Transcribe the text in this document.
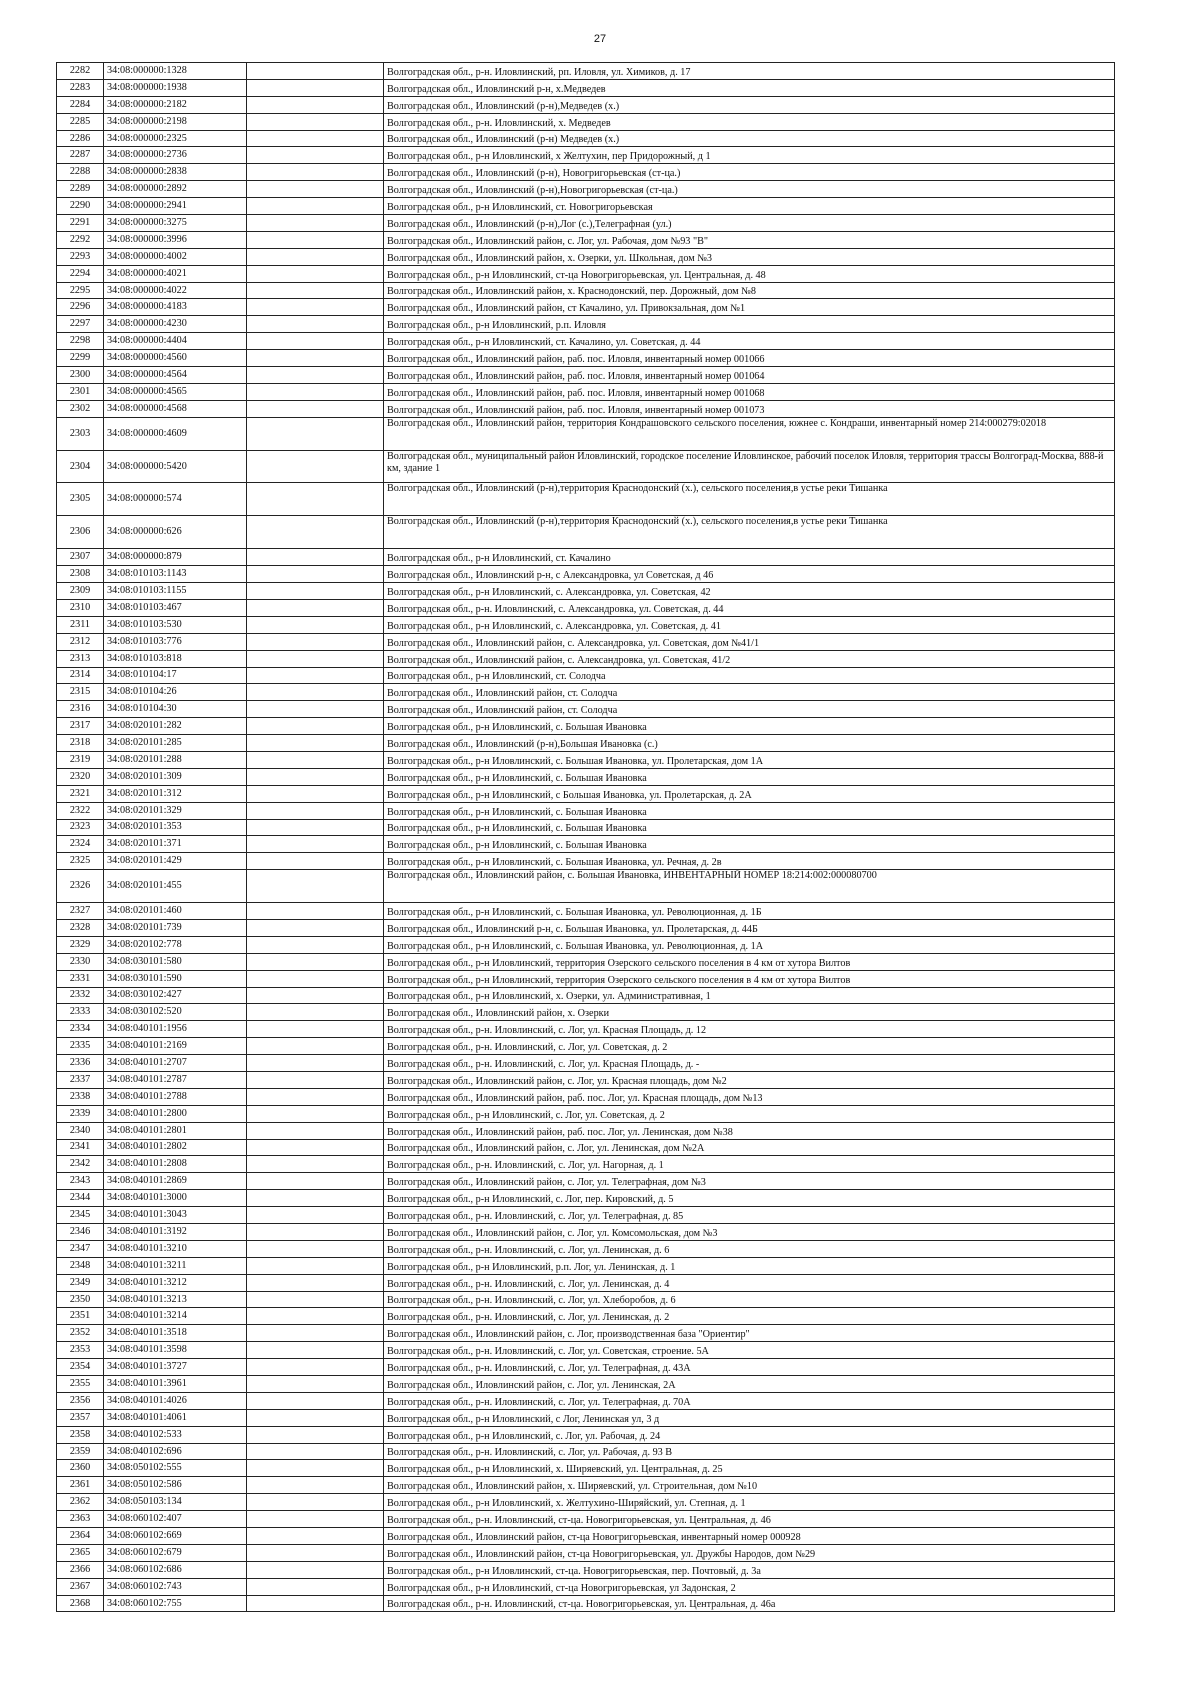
27
2282	34:08:000000:1328		Волгоградская обл., р-н. Иловлинский, рп. Иловля, ул. Химиков, д. 17
2283	34:08:000000:1938		Волгоградская обл., Иловлинский р-н, х.Медведев
2284	34:08:000000:2182		Волгоградская обл., Иловлинский (р-н),Медведев (х.)
2285	34:08:000000:2198		Волгоградская обл., р-н. Иловлинский, х. Медведев
2286	34:08:000000:2325		Волгоградская обл., Иловлинский (р-н) Медведев (х.)
2287	34:08:000000:2736		Волгоградская обл., р-н Иловлинский, х Желтухин, пер Придорожный, д 1
2288	34:08:000000:2838		Волгоградская обл., Иловлинский (р-н), Новогригорьевская (ст-ца.)
2289	34:08:000000:2892		Волгоградская обл., Иловлинский (р-н),Новогригорьевская (ст-ца.)
2290	34:08:000000:2941		Волгоградская обл., р-н Иловлинский, ст. Новогригорьевская
2291	34:08:000000:3275		Волгоградская обл., Иловлинский (р-н),Лог (с.),Телеграфная (ул.)
2292	34:08:000000:3996		Волгоградская обл., Иловлинский район, с. Лог, ул. Рабочая, дом №93 "В"
2293	34:08:000000:4002		Волгоградская обл., Иловлинский район, х. Озерки, ул. Школьная, дом №3
2294	34:08:000000:4021		Волгоградская обл., р-н Иловлинский, ст-ца Новогригорьевская, ул. Центральная, д. 48
2295	34:08:000000:4022		Волгоградская обл., Иловлинский район, х. Краснодонский, пер. Дорожный, дом №8
2296	34:08:000000:4183		Волгоградская обл., Иловлинский район, ст Качалино, ул. Привокзальная, дом №1
2297	34:08:000000:4230		Волгоградская обл., р-н Иловлинский, р.п. Иловля
2298	34:08:000000:4404		Волгоградская обл., р-н Иловлинский, ст. Качалино, ул. Советская, д. 44
2299	34:08:000000:4560		Волгоградская обл., Иловлинский район, раб. пос. Иловля, инвентарный номер 001066
2300	34:08:000000:4564		Волгоградская обл., Иловлинский район, раб. пос. Иловля, инвентарный номер 001064
2301	34:08:000000:4565		Волгоградская обл., Иловлинский район, раб. пос. Иловля, инвентарный номер 001068
2302	34:08:000000:4568		Волгоградская обл., Иловлинский район, раб. пос. Иловля, инвентарный номер 001073
2303	34:08:000000:4609		Волгоградская обл., Иловлинский район, территория Кондрашовского сельского поселения, южнее с. Кондраши, инвентарный номер 214:000279:02018
2304	34:08:000000:5420		Волгоградская обл., муниципальный район Иловлинский, городское поселение Иловлинское, рабочий поселок Иловля, территория трассы Волгоград-Москва, 888-й км, здание 1
2305	34:08:000000:574		Волгоградская обл., Иловлинский (р-н),территория Краснодонский (х.), сельского поселения,в устье реки Тишанка
2306	34:08:000000:626		Волгоградская обл., Иловлинский (р-н),территория Краснодонский (х.), сельского поселения,в устье реки Тишанка
2307	34:08:000000:879		Волгоградская обл., р-н Иловлинский, ст. Качалино
2308	34:08:010103:1143		Волгоградская обл., Иловлинский р-н, с Александровка, ул Советская, д 46
2309	34:08:010103:1155		Волгоградская обл., р-н Иловлинский, с. Александровка, ул. Советская, 42
2310	34:08:010103:467		Волгоградская обл., р-н. Иловлинский, с. Александровка, ул. Советская, д. 44
2311	34:08:010103:530		Волгоградская обл., р-н Иловлинский, с. Александровка, ул. Советская, д. 41
2312	34:08:010103:776		Волгоградская обл., Иловлинский район, с. Александровка, ул. Советская, дом №41/1
2313	34:08:010103:818		Волгоградская обл., Иловлинский район, с. Александровка, ул. Советская, 41/2
2314	34:08:010104:17		Волгоградская обл., р-н Иловлинский, ст. Солодча
2315	34:08:010104:26		Волгоградская обл., Иловлинский район, ст. Солодча
2316	34:08:010104:30		Волгоградская обл., Иловлинский район, ст. Солодча
2317	34:08:020101:282		Волгоградская обл., р-н Иловлинский, с. Большая Ивановка
2318	34:08:020101:285		Волгоградская обл., Иловлинский (р-н),Большая Ивановка (с.)
2319	34:08:020101:288		Волгоградская обл., р-н Иловлинский, с. Большая Ивановка, ул. Пролетарская, дом 1А
2320	34:08:020101:309		Волгоградская обл., р-н Иловлинский, с. Большая Ивановка
2321	34:08:020101:312		Волгоградская обл., р-н Иловлинский, с Большая Ивановка, ул. Пролетарская, д. 2А
2322	34:08:020101:329		Волгоградская обл., р-н Иловлинский, с. Большая Ивановка
2323	34:08:020101:353		Волгоградская обл., р-н Иловлинский, с. Большая Ивановка
2324	34:08:020101:371		Волгоградская обл., р-н Иловлинский, с. Большая Ивановка
2325	34:08:020101:429		Волгоградская обл., р-н Иловлинский, с. Большая Ивановка, ул. Речная, д. 2в
2326	34:08:020101:455		Волгоградская обл., Иловлинский район, с. Большая Ивановка, ИНВЕНТАРНЫЙ НОМЕР 18:214:002:000080700
2327	34:08:020101:460		Волгоградская обл., р-н Иловлинский, с. Большая Ивановка, ул. Революционная, д. 1Б
2328	34:08:020101:739		Волгоградская обл., Иловлинский р-н, с. Большая Ивановка, ул. Пролетарская, д. 44Б
2329	34:08:020102:778		Волгоградская обл., р-н Иловлинский, с. Большая Ивановка, ул. Революционная, д. 1А
2330	34:08:030101:580		Волгоградская обл., р-н Иловлинский, территория Озерского сельского поселения в 4 км от хутора Вилтов
2331	34:08:030101:590		Волгоградская обл., р-н Иловлинский, территория Озерского сельского поселения в 4 км от хутора Вилтов
2332	34:08:030102:427		Волгоградская обл., р-н Иловлинский, х. Озерки, ул. Административная, 1
2333	34:08:030102:520		Волгоградская обл., Иловлинский район, х. Озерки
2334	34:08:040101:1956		Волгоградская обл., р-н. Иловлинский, с. Лог, ул. Красная Площадь, д. 12
2335	34:08:040101:2169		Волгоградская обл., р-н. Иловлинский, с. Лог, ул. Советская, д. 2
2336	34:08:040101:2707		Волгоградская обл., р-н. Иловлинский, с. Лог, ул. Красная Площадь, д. -
2337	34:08:040101:2787		Волгоградская обл., Иловлинский район, с. Лог, ул. Красная площадь, дом №2
2338	34:08:040101:2788		Волгоградская обл., Иловлинский район, раб. пос. Лог, ул. Красная площадь, дом №13
2339	34:08:040101:2800		Волгоградская обл., р-н Иловлинский, с. Лог, ул. Советская, д. 2
2340	34:08:040101:2801		Волгоградская обл., Иловлинский район, раб. пос. Лог, ул. Ленинская, дом №38
2341	34:08:040101:2802		Волгоградская обл., Иловлинский район, с. Лог, ул. Ленинская, дом №2А
2342	34:08:040101:2808		Волгоградская обл., р-н. Иловлинский, с. Лог, ул. Нагорная, д. 1
2343	34:08:040101:2869		Волгоградская обл., Иловлинский район, с. Лог, ул. Телеграфная, дом №3
2344	34:08:040101:3000		Волгоградская обл., р-н Иловлинский, с. Лог, пер. Кировский, д. 5
2345	34:08:040101:3043		Волгоградская обл., р-н. Иловлинский, с. Лог, ул. Телеграфная, д. 85
2346	34:08:040101:3192		Волгоградская обл., Иловлинский район, с. Лог, ул. Комсомольская, дом №3
2347	34:08:040101:3210		Волгоградская обл., р-н. Иловлинский, с. Лог, ул. Ленинская, д. 6
2348	34:08:040101:3211		Волгоградская обл., р-н Иловлинский, р.п. Лог, ул. Ленинская, д. 1
2349	34:08:040101:3212		Волгоградская обл., р-н. Иловлинский, с. Лог, ул. Ленинская, д. 4
2350	34:08:040101:3213		Волгоградская обл., р-н. Иловлинский, с. Лог, ул. Хлеборобов, д. 6
2351	34:08:040101:3214		Волгоградская обл., р-н. Иловлинский, с. Лог, ул. Ленинская, д. 2
2352	34:08:040101:3518		Волгоградская обл., Иловлинский район, с. Лог, производственная база "Ориентир"
2353	34:08:040101:3598		Волгоградская обл., р-н. Иловлинский, с. Лог, ул. Советская, строение. 5А
2354	34:08:040101:3727		Волгоградская обл., р-н. Иловлинский, с. Лог, ул. Телеграфная, д. 43А
2355	34:08:040101:3961		Волгоградская обл., Иловлинский район, с. Лог, ул. Ленинская, 2А
2356	34:08:040101:4026		Волгоградская обл., р-н. Иловлинский, с. Лог, ул. Телеграфная, д. 70А
2357	34:08:040101:4061		Волгоградская обл., р-н Иловлинский, с Лог, Ленинская ул, 3 д
2358	34:08:040102:533		Волгоградская обл., р-н Иловлинский, с. Лог, ул. Рабочая, д. 24
2359	34:08:040102:696		Волгоградская обл., р-н. Иловлинский, с. Лог, ул. Рабочая, д. 93 В
2360	34:08:050102:555		Волгоградская обл., р-н Иловлинский, х. Ширяевский, ул. Центральная, д. 25
2361	34:08:050102:586		Волгоградская обл., Иловлинский район, х. Ширяевский, ул. Строительная, дом №10
2362	34:08:050103:134		Волгоградская обл., р-н Иловлинский, х. Желтухино-Ширяйский, ул. Степная, д. 1
2363	34:08:060102:407		Волгоградская обл., р-н. Иловлинский, ст-ца. Новогригорьевская, ул. Центральная, д. 46
2364	34:08:060102:669		Волгоградская обл., Иловлинский район, ст-ца Новогригорьевская, инвентарный номер 000928
2365	34:08:060102:679		Волгоградская обл., Иловлинский район, ст-ца Новогригорьевская, ул. Дружбы Народов, дом №29
2366	34:08:060102:686		Волгоградская обл., р-н Иловлинский, ст-ца. Новогригорьевская, пер. Почтовый, д. 3а
2367	34:08:060102:743		Волгоградская обл., р-н Иловлинский, ст-ца Новогригорьевская, ул Задонская, 2
2368	34:08:060102:755		Волгоградская обл., р-н. Иловлинский, ст-ца. Новогригорьевская, ул. Центральная, д. 46а
